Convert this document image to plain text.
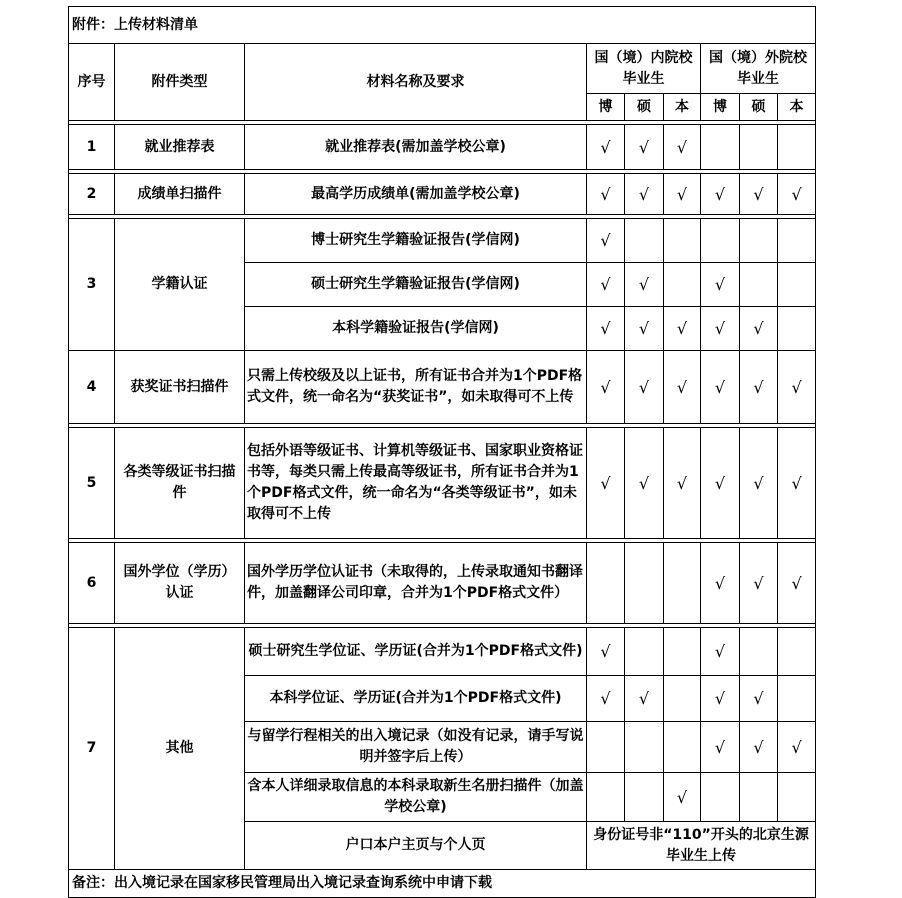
附件：上传材料清单								
序号	附件类型	材料名称及要求	国（境）内院校毕业生			国（境）外院校毕业生		
			博	硕	本	博	硕	本

1	就业推荐表	就业推荐表(需加盖学校公章)	√	√	√			

2	成绩单扫描件	最高学历成绩单(需加盖学校公章)	√	√	√	√	√	√

3	学籍认证	博士研究生学籍验证报告(学信网)	√					
		硕士研究生学籍验证报告(学信网)	√	√		√		
		本科学籍验证报告(学信网)	√	√	√	√	√	
4	获奖证书扫描件	只需上传校级及以上证书，所有证书合并为1个PDF格式文件，统一命名为“获奖证书”，如未取得可不上传	√	√	√	√	√	√

5	各类等级证书扫描件	包括外语等级证书、计算机等级证书、国家职业资格证书等，每类只需上传最高等级证书，所有证书合并为1个PDF格式文件，统一命名为“各类等级证书”，如未取得可不上传	√	√	√	√	√	√

6	国外学位（学历）认证	国外学历学位认证书（未取得的，上传录取通知书翻译件，加盖翻译公司印章，合并为1个PDF格式文件）				√	√	√

7	其他	硕士研究生学位证、学历证(合并为1个PDF格式文件)	√			√		
		本科学位证、学历证(合并为1个PDF格式文件)	√	√		√	√	
		与留学行程相关的出入境记录（如没有记录，请手写说明并签字后上传）				√	√	√
		含本人详细录取信息的本科录取新生名册扫描件（加盖学校公章)			√			
		户口本户主页与个人页	身份证号非“110”开头的北京生源毕业生上传					
备注：出入境记录在国家移民管理局出入境记录查询系统中申请下载								
